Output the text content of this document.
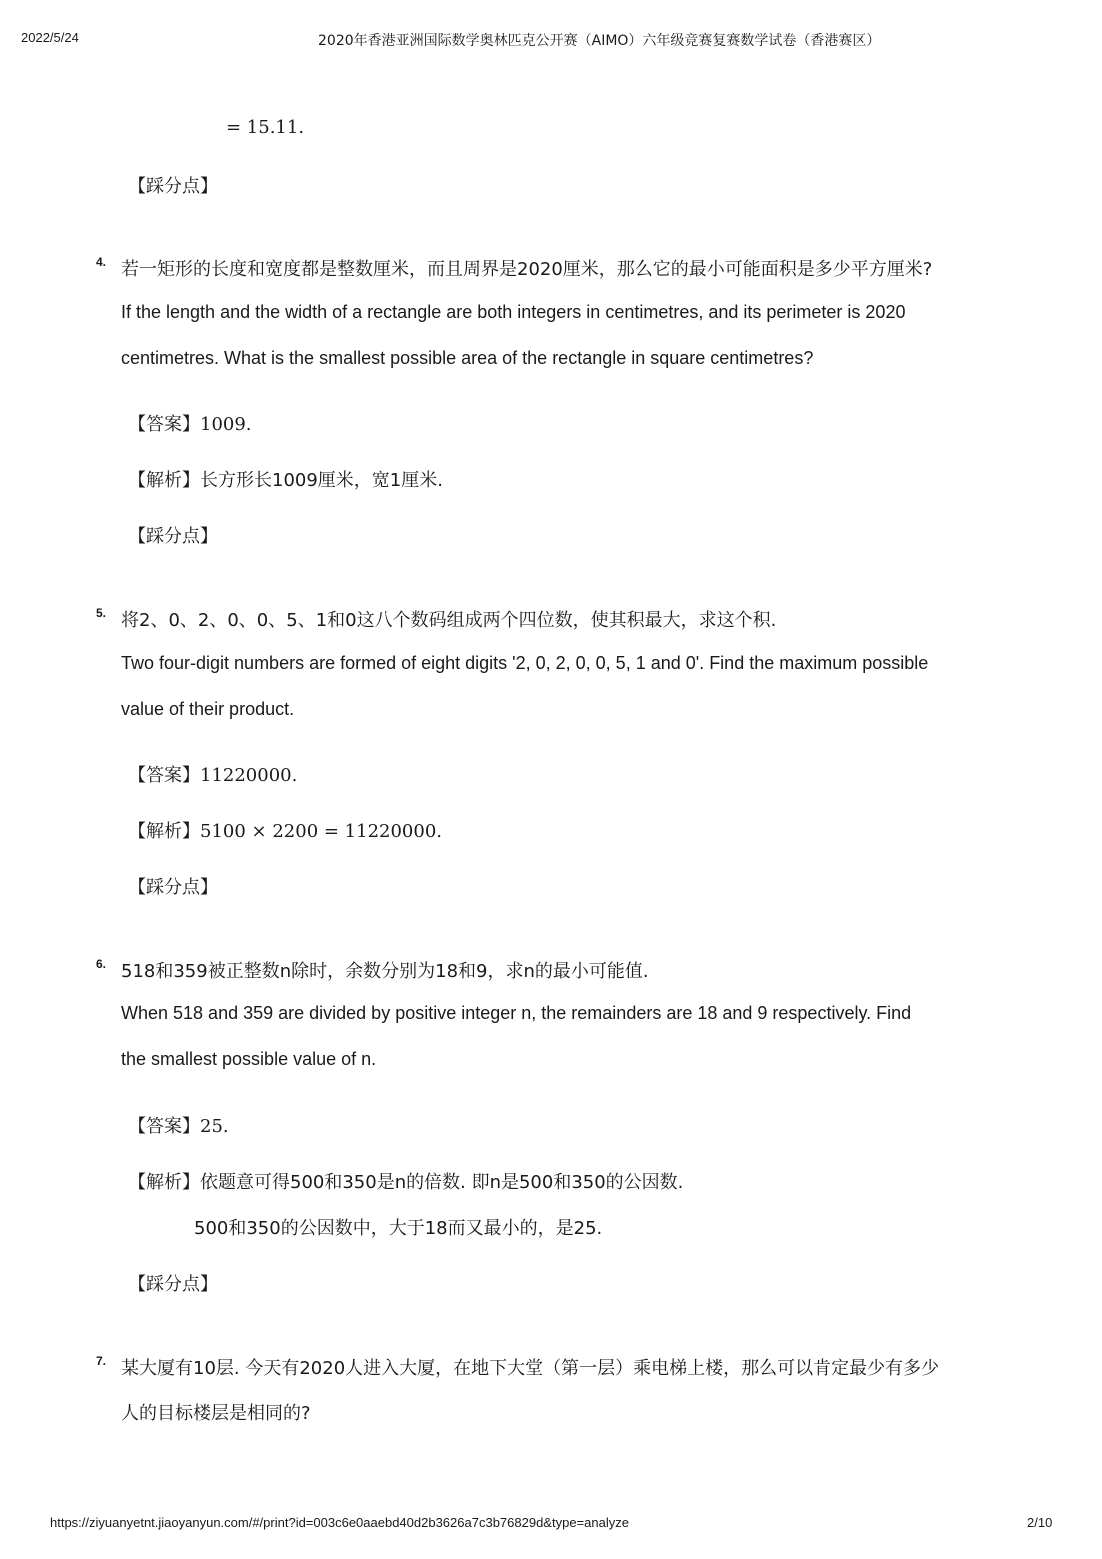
2022/5/24	2020年香港亚洲国际数学奥林匹克公开赛（AIMO）六年级竞赛复赛数学试卷（香港赛区）
= 15.11.
【踩分点】
4. 若一矩形的长度和宽度都是整数厘米，而且周界是2020厘米，那么它的最小可能面积是多少平方厘米?
If the length and the width of a rectangle are both integers in centimetres, and its perimeter is 2020
centimetres. What is the smallest possible area of the rectangle in square centimetres?
【答案】1009.
【解析】长方形长1009厘米，宽1厘米.
【踩分点】
5. 将2、0、2、0、0、5、1和0这八个数码组成两个四位数，使其积最大，求这个积.
Two four-digit numbers are formed of eight digits '2, 0, 2, 0, 0, 5, 1 and 0'. Find the maximum possible
value of their product.
【答案】11220000.
【解析】5100 × 2200 = 11220000.
【踩分点】
6. 518和359被正整数n除时，余数分别为18和9，求n的最小可能值.
When 518 and 359 are divided by positive integer n, the remainders are 18 and 9 respectively. Find
the smallest possible value of n.
【答案】25.
【解析】依题意可得500和350是n的倍数. 即n是500和350的公因数.
500和350的公因数中，大于18而又最小的，是25.
【踩分点】
7. 某大厦有10层. 今天有2020人进入大厦，在地下大堂（第一层）乘电梯上楼，那么可以肯定最少有多少
人的目标楼层是相同的?
https://ziyuanyetnt.jiaoyanyun.com/#/print?id=003c6e0aaebd40d2b3626a7c3b76829d&type=analyze	2/10
